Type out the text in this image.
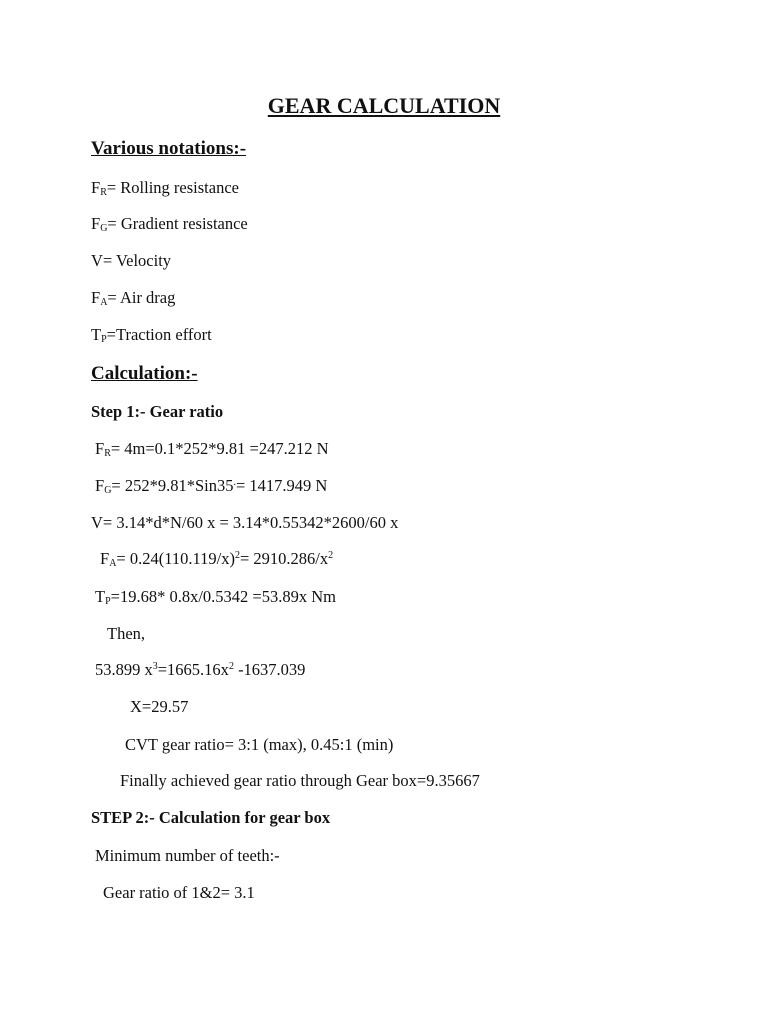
GEAR CALCULATION
Various notations:-
$F_R=$ Rolling resistance
$F_G=$ Gradient resistance
V= Velocity
$F_A=$ Air drag
$T_P=Traction$ effort
Calculation:-
Step 1:- Gear ratio
$F_R= 4m=0.1*252*9.81 =247.212$ N
$F_G= 252*9.81*Sin35^.= 1417.949$ N
V= 3.14*d*N/60 x = 3.14*0.55342*2600/60 x
$F_A= 0.24(110.119/x)^2= 2910.286/x^2$
$T_P=19.68*$ 0.8x/0.5342 =53.89x Nm
Then,
53.899 $x^3=1665.16x^2$ -1637.039
X=29.57
CVT gear ratio= 3:1 (max), 0.45:1 (min)
Finally achieved gear ratio through Gear box=9.35667
STEP 2:- Calculation for gear box
Minimum number of teeth:-
Gear ratio of 1&2= 3.1
